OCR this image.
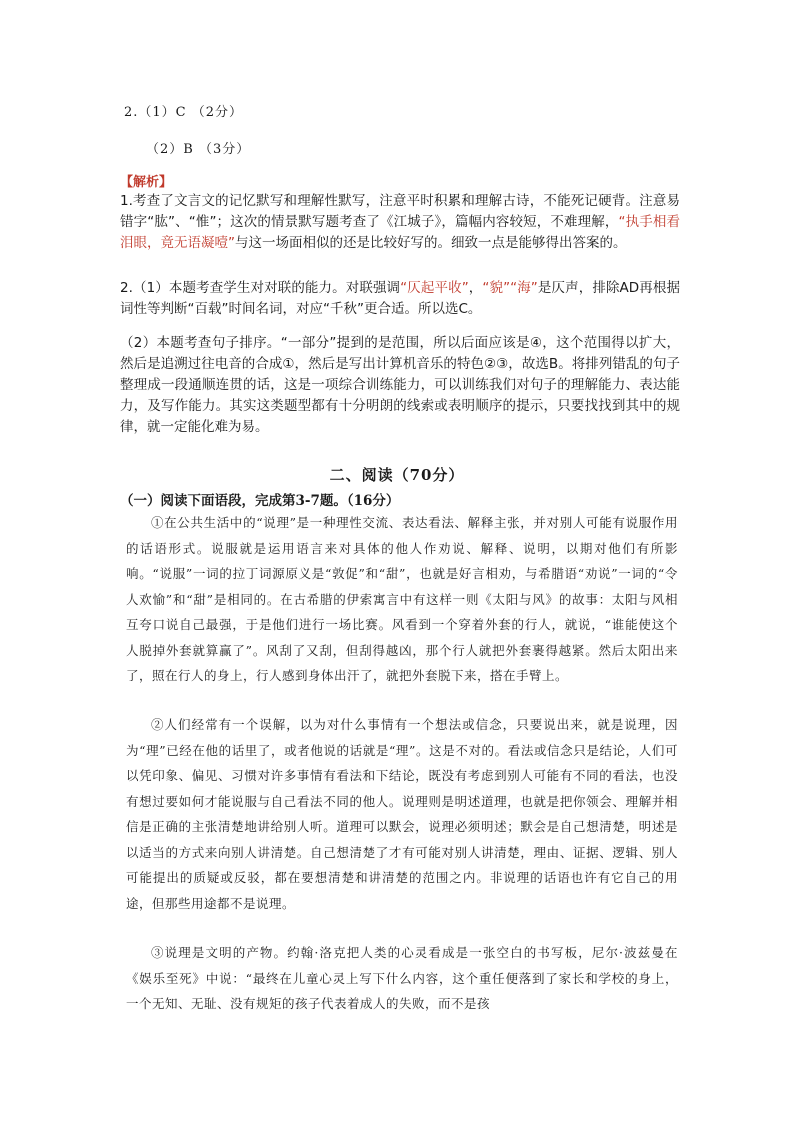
2.（1）C （2分）
（2）B （3分）
【解析】
1.考查了文言文的记忆默写和理解性默写，注意平时积累和理解古诗，不能死记硬背。注意易错字“肱”、“惟”；这次的情景默写题考查了《江城子》，篇幅内容较短，不难理解，“执手相看泪眼，竟无语凝噎”与这一场面相似的还是比较好写的。细致一点是能够得出答案的。
2.（1）本题考查学生对对联的能力。对联强调“仄起平收”，“貌”“海”是仄声，排除AD再根据词性等判断“百载”时间名词，对应“千秋”更合适。所以选C。
（2）本题考查句子排序。“一部分”提到的是范围，所以后面应该是④，这个范围得以扩大，然后是追溯过往电音的合成①，然后是写出计算机音乐的特色②③，故选B。将排列错乱的句子整理成一段通顺连贯的话，这是一项综合训练能力，可以训练我们对句子的理解能力、表达能力，及写作能力。其实这类题型都有十分明朗的线索或表明顺序的提示，只要找找到其中的规律，就一定能化难为易。
二、阅读（70分）
（一）阅读下面语段，完成第3-7题。（16分）
①在公共生活中的“说理”是一种理性交流、表达看法、解释主张，并对别人可能有说服作用的话语形式。说服就是运用语言来对具体的他人作劝说、解释、说明，以期对他们有所影响。“说服”一词的拉丁词源原义是“敦促”和“甜”，也就是好言相劝，与希腊语“劝说”一词的“令人欢愉”和“甜”是相同的。在古希腊的伊索寓言中有这样一则《太阳与风》的故事：太阳与风相互夸口说自己最强，于是他们进行一场比赛。风看到一个穿着外套的行人，就说，“谁能使这个人脱掉外套就算赢了”。风刮了又刮，但刮得越凶，那个行人就把外套裹得越紧。然后太阳出来了，照在行人的身上，行人感到身体出汗了，就把外套脱下来，搭在手臂上。
②人们经常有一个误解，以为对什么事情有一个想法或信念，只要说出来，就是说理，因为“理”已经在他的话里了，或者他说的话就是“理”。这是不对的。看法或信念只是结论，人们可以凭印象、偏见、习惯对许多事情有看法和下结论，既没有考虑到别人可能有不同的看法，也没有想过要如何才能说服与自己看法不同的他人。说理则是明述道理，也就是把你领会、理解并相信是正确的主张清楚地讲给别人听。道理可以默会，说理必须明述；默会是自己想清楚，明述是以适当的方式来向别人讲清楚。自己想清楚了才有可能对别人讲清楚，理由、证据、逻辑、别人可能提出的质疑或反驳，都在要想清楚和讲清楚的范围之内。非说理的话语也许有它自己的用途，但那些用途都不是说理。
③说理是文明的产物。约翰·洛克把人类的心灵看成是一张空白的书写板，尼尔·波兹曼在《娱乐至死》中说：“最终在儿童心灵上写下什么内容，这个重任便落到了家长和学校的身上，一个无知、无耻、没有规矩的孩子代表着成人的失败，而不是孩
